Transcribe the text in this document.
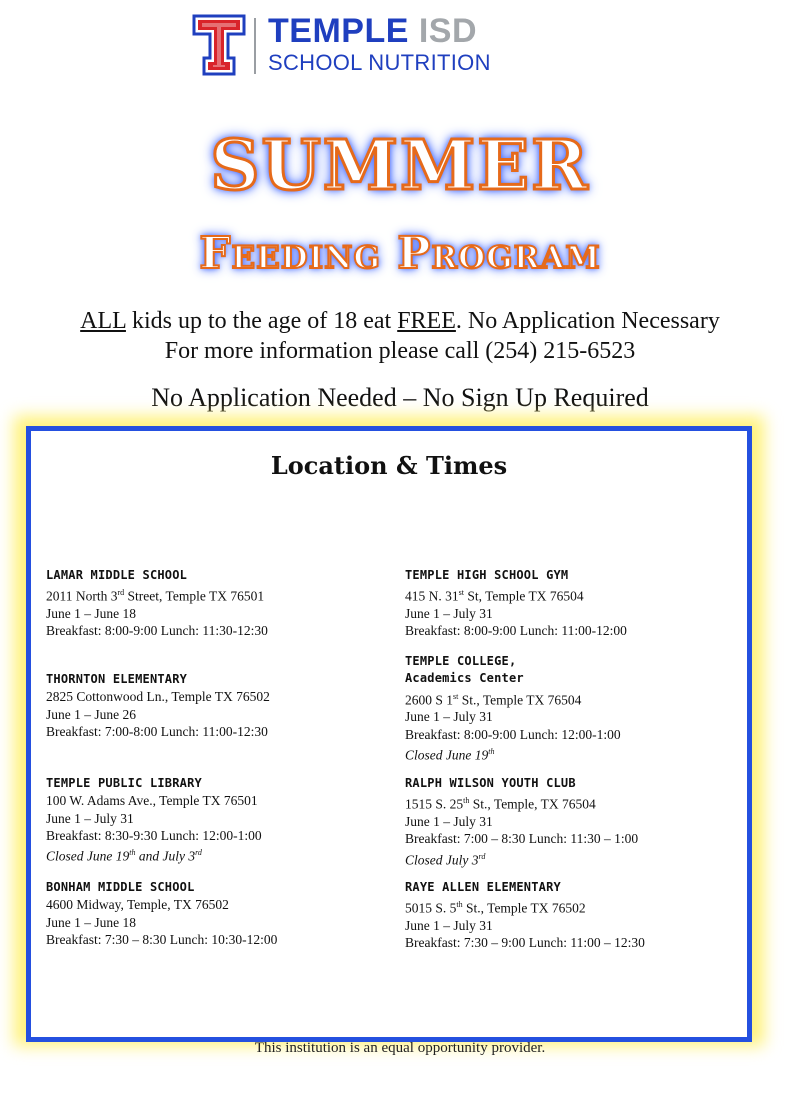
TEMPLE ISD
SCHOOL NUTRITION
SUMMER
Feeding Program
ALL kids up to the age of 18 eat FREE. No Application Necessary
For more information please call (254) 215-6523
No Application Needed – No Sign Up Required
Location & Times
LAMAR MIDDLE SCHOOL
2011 North 3rd Street, Temple TX 76501
June 1 – June 18
Breakfast: 8:00-9:00 Lunch: 11:30-12:30
THORNTON ELEMENTARY
2825 Cottonwood Ln., Temple TX 76502
June 1 – June 26
Breakfast: 7:00-8:00 Lunch: 11:00-12:30
TEMPLE PUBLIC LIBRARY
100 W. Adams Ave., Temple TX 76501
June 1 – July 31
Breakfast: 8:30-9:30 Lunch: 12:00-1:00
Closed June 19th and July 3rd
BONHAM MIDDLE SCHOOL
4600 Midway, Temple, TX 76502
June 1 – June 18
Breakfast: 7:30 – 8:30 Lunch: 10:30-12:00
TEMPLE HIGH SCHOOL GYM
415 N. 31st St, Temple TX 76504
June 1 – July 31
Breakfast: 8:00-9:00 Lunch: 11:00-12:00
TEMPLE COLLEGE,
Academics Center
2600 S 1st St., Temple TX 76504
June 1 – July 31
Breakfast: 8:00-9:00 Lunch: 12:00-1:00
Closed June 19th
RALPH WILSON YOUTH CLUB
1515 S. 25th St., Temple, TX 76504
June 1 – July 31
Breakfast: 7:00 – 8:30 Lunch: 11:30 – 1:00
Closed July 3rd
RAYE ALLEN ELEMENTARY
5015 S. 5th St., Temple TX 76502
June 1 – July 31
Breakfast: 7:30 – 9:00 Lunch: 11:00 – 12:30
This institution is an equal opportunity provider.
